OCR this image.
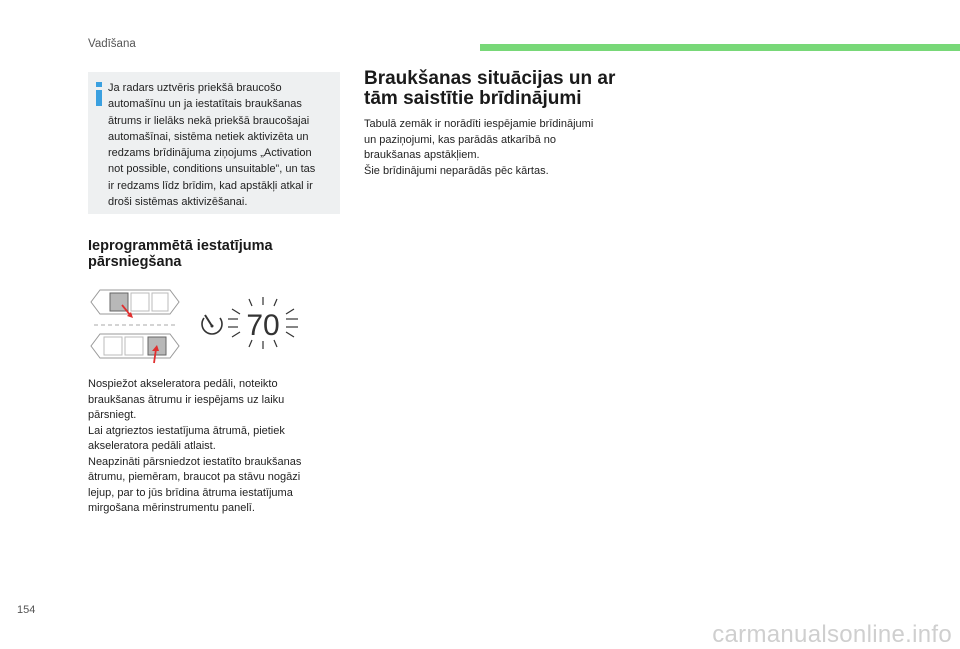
Vadīšana
Ja radars uztvēris priekšā braucošo
automašīnu un ja iestatītais braukšanas
ātrums ir lielāks nekā priekšā braucošajai
automašīnai, sistēma netiek aktivizēta un
redzams brīdinājuma ziņojums „Activation
not possible, conditions unsuitable”, un tas
ir redzams līdz brīdim, kad apstākļi atkal ir
droši sistēmas aktivizēšanai.
Ieprogrammētā iestatījuma
pārsniegšana
70
Nospiežot akseleratora pedāli, noteikto
braukšanas ātrumu ir iespējams uz laiku
pārsniegt.
Lai atgrieztos iestatījuma ātrumā, pietiek
akseleratora pedāli atlaist.
Neapzināti pārsniedzot iestatīto braukšanas
ātrumu, piemēram, braucot pa stāvu nogāzi
lejup, par to jūs brīdina ātruma iestatījuma
mirgošana mērinstrumentu panelī.
Braukšanas situācijas un ar
tām saistītie brīdinājumi
Tabulā zemāk ir norādīti iespējamie brīdinājumi
un paziņojumi, kas parādās atkarībā no
braukšanas apstākļiem.
Šie brīdinājumi neparādās pēc kārtas.
154
carmanualsonline.info
